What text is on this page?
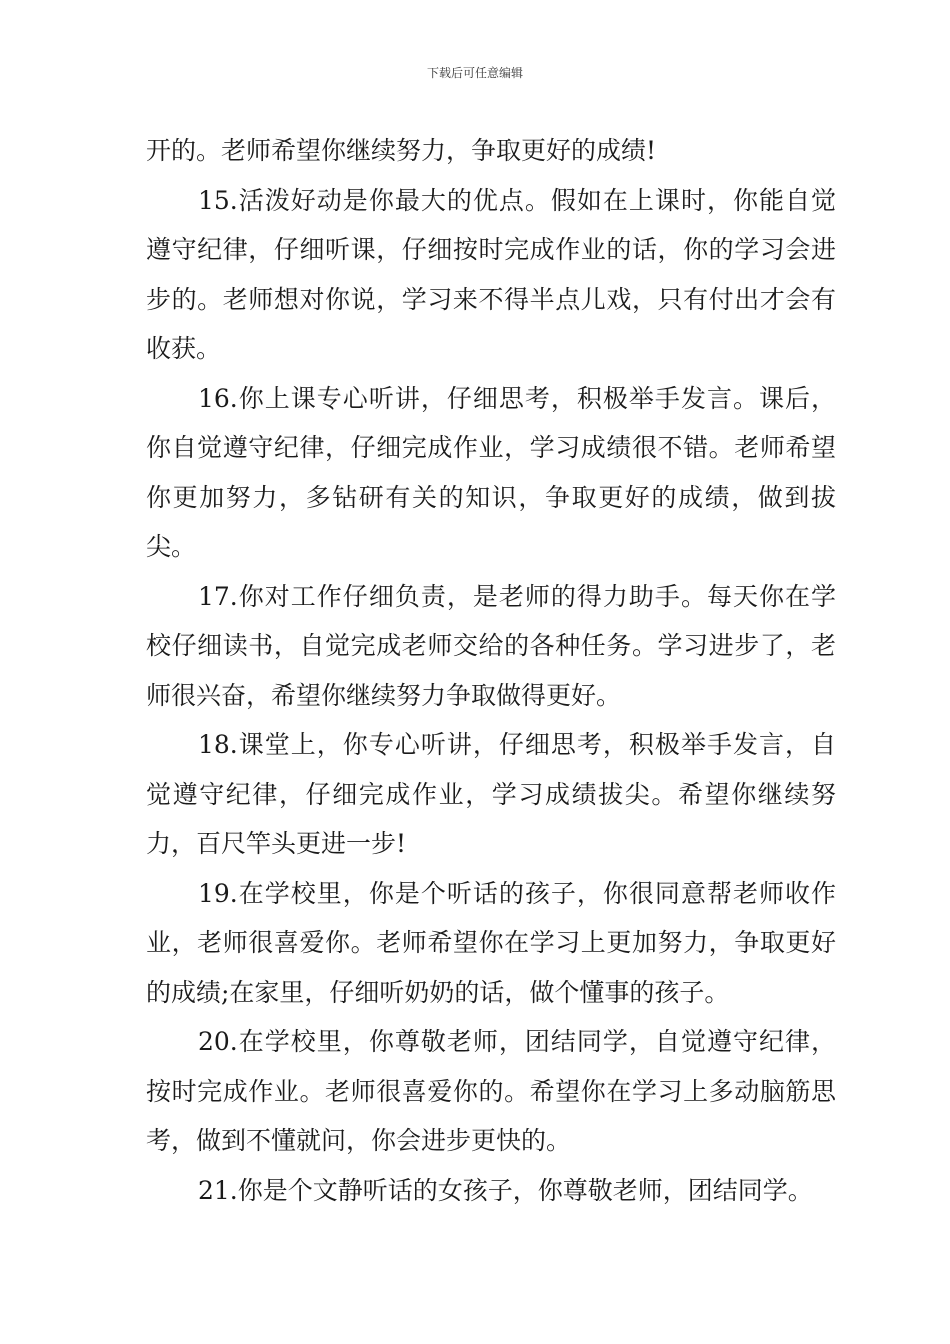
下载后可任意编辑

开的。老师希望你继续努力，争取更好的成绩!

15.活泼好动是你最大的优点。假如在上课时，你能自觉遵守纪律，仔细听课，仔细按时完成作业的话，你的学习会进步的。老师想对你说，学习来不得半点儿戏，只有付出才会有收获。

16.你上课专心听讲，仔细思考，积极举手发言。课后，你自觉遵守纪律，仔细完成作业，学习成绩很不错。老师希望你更加努力，多钻研有关的知识，争取更好的成绩，做到拔尖。

17.你对工作仔细负责，是老师的得力助手。每天你在学校仔细读书，自觉完成老师交给的各种任务。学习进步了，老师很兴奋，希望你继续努力争取做得更好。

18.课堂上，你专心听讲，仔细思考，积极举手发言，自觉遵守纪律，仔细完成作业，学习成绩拔尖。希望你继续努力，百尺竿头更进一步!

19.在学校里，你是个听话的孩子，你很同意帮老师收作业，老师很喜爱你。老师希望你在学习上更加努力，争取更好的成绩;在家里，仔细听奶奶的话，做个懂事的孩子。

20.在学校里，你尊敬老师，团结同学，自觉遵守纪律，按时完成作业。老师很喜爱你的。希望你在学习上多动脑筋思考，做到不懂就问，你会进步更快的。

21.你是个文静听话的女孩子，你尊敬老师，团结同学。
